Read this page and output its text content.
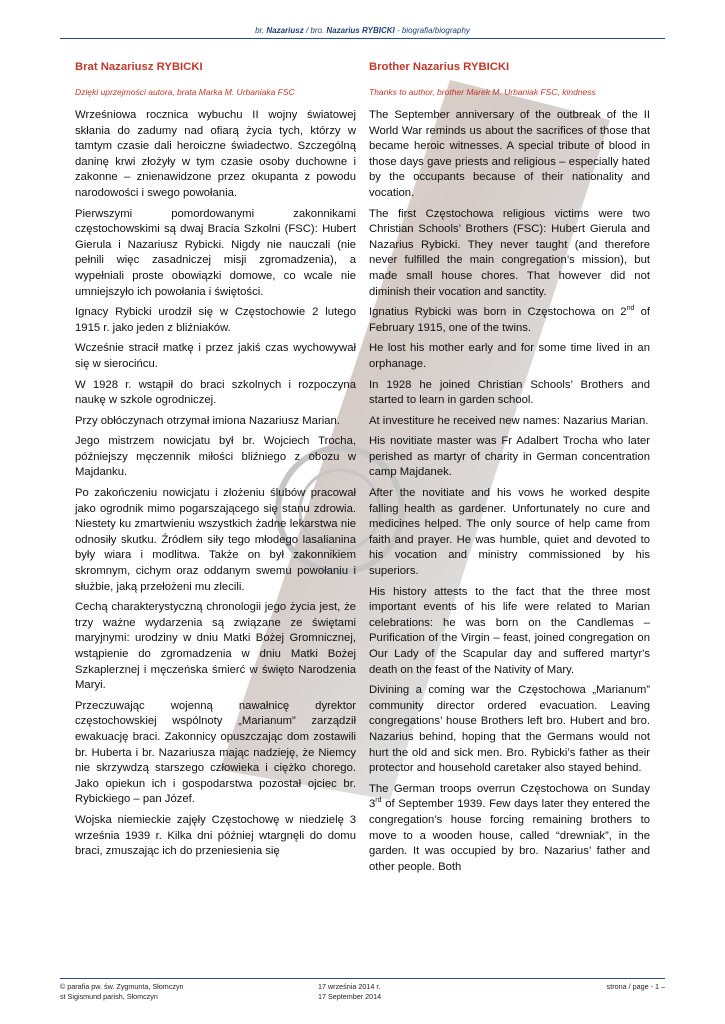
br. Nazariusz / bro. Nazarius RYBICKI - biografia/biography
Brat Nazariusz RYBICKI
Dzięki uprzejmości autora, brata Marka M. Urbaniaka FSC

Wrześniowa rocznica wybuchu II wojny światowej skłania do zadumy nad ofiarą życia tych, którzy w tamtym czasie dali heroiczne świadectwo. Szczególną daninę krwi złożyły w tym czasie osoby duchowne i zakonne – znienawidzone przez okupanta z powodu narodowości i swego powołania.

Pierwszymi pomordowanymi zakonnikami częstochowskimi są dwaj Bracia Szkolni (FSC): Hubert Gierula i Nazariusz Rybicki. Nigdy nie nauczali (nie pełnili więc zasadniczej misji zgromadzenia), a wypełniali proste obowiązki domowe, co wcale nie umniejszyło ich powołania i świętości.

Ignacy Rybicki urodził się w Częstochowie 2 lutego 1915 r. jako jeden z bliźniaków.

Wcześnie stracił matkę i przez jakiś czas wychowywał się w sierocińcu.

W 1928 r. wstąpił do braci szkolnych i rozpoczyna naukę w szkole ogrodniczej.

Przy obłóczynach otrzymał imiona Nazariusz Marian.

Jego mistrzem nowicjatu był br. Wojciech Trocha, późniejszy męczennik miłości bliźniego z obozu w Majdanku.

Po zakończeniu nowicjatu i złożeniu ślubów pracował jako ogrodnik mimo pogarszającego się stanu zdrowia. Niestety ku zmartwieniu wszystkich żadne lekarstwa nie odnosiły skutku. Źródłem siły tego młodego lasalianina były wiara i modlitwa. Także on był zakonnikiem skromnym, cichym oraz oddanym swemu powołaniu i służbie, jaką przełożeni mu zlecili.

Cechą charakterystyczną chronologii jego życia jest, że trzy ważne wydarzenia są związane ze świętami maryjnymi: urodziny w dniu Matki Bożej Gromnicznej, wstąpienie do zgromadzenia w dniu Matki Bożej Szkaplerznej i męczeńska śmierć w święto Narodzenia Maryi.

Przeczuwając wojenną nawałnicę dyrektor częstochowskiej wspólnoty „Marianum” zarządził ewakuację braci. Zakonnicy opuszczając dom zostawili br. Huberta i br. Nazariusza mając nadzieję, że Niemcy nie skrzywdzą starszego człowieka i ciężko chorego. Jako opiekun ich i gospodarstwa pozostał ojciec br. Rybickiego – pan Józef.

Wojska niemieckie zajęły Częstochowę w niedzielę 3 września 1939 r. Kilka dni później wtargnęli do domu braci, zmuszając ich do przeniesienia się

Brother Nazarius RYBICKI
Thanks to author, brother Marek M. Urbaniak FSC, kindness

The September anniversary of the outbreak of the II World War reminds us about the sacrifices of those that became heroic witnesses. A special tribute of blood in those days gave priests and religious – especially hated by the occupants because of their nationality and vocation.

The first Częstochowa religious victims were two Christian Schools’ Brothers (FSC): Hubert Gierula and Nazarius Rybicki. They never taught (and therefore never fulfilled the main congregation’s mission), but made small house chores. That however did not diminish their vocation and sanctity.

Ignatius Rybicki was born in Częstochowa on 2nd of February 1915, one of the twins.

He lost his mother early and for some time lived in an orphanage.

In 1928 he joined Christian Schools’ Brothers and started to learn in garden school.

At investiture he received new names: Nazarius Marian.

His novitiate master was Fr Adalbert Trocha who later perished as martyr of charity in German concentration camp Majdanek.

After the novitiate and his vows he worked despite falling health as gardener. Unfortunately no cure and medicines helped. The only source of help came from faith and prayer. He was humble, quiet and devoted to his vocation and ministry commissioned by his superiors.

His history attests to the fact that the three most important events of his life were related to Marian celebrations: he was born on the Candlemas – Purification of the Virgin – feast, joined congregation on Our Lady of the Scapular day and suffered martyr's death on the feast of the Nativity of Mary.

Divining a coming war the Częstochowa „Marianum” community director ordered evacuation. Leaving congregations’ house Brothers left bro. Hubert and bro. Nazarius behind, hoping that the Germans would not hurt the old and sick men. Bro. Rybicki’s father as their protector and household caretaker also stayed behind.

The German troops overrun Częstochowa on Sunday 3rd of September 1939. Few days later they entered the congregation’s house forcing remaining brothers to move to a wooden house, called “drewniak”, in the garden. It was occupied by bro. Nazarius’ father and other people. Both

© parafia pw. św. Zygmunta, Słomczyn
st Sigismund parish, Słomczyn
17 września 2014 r.
17 September 2014
strona / page - 1 –
